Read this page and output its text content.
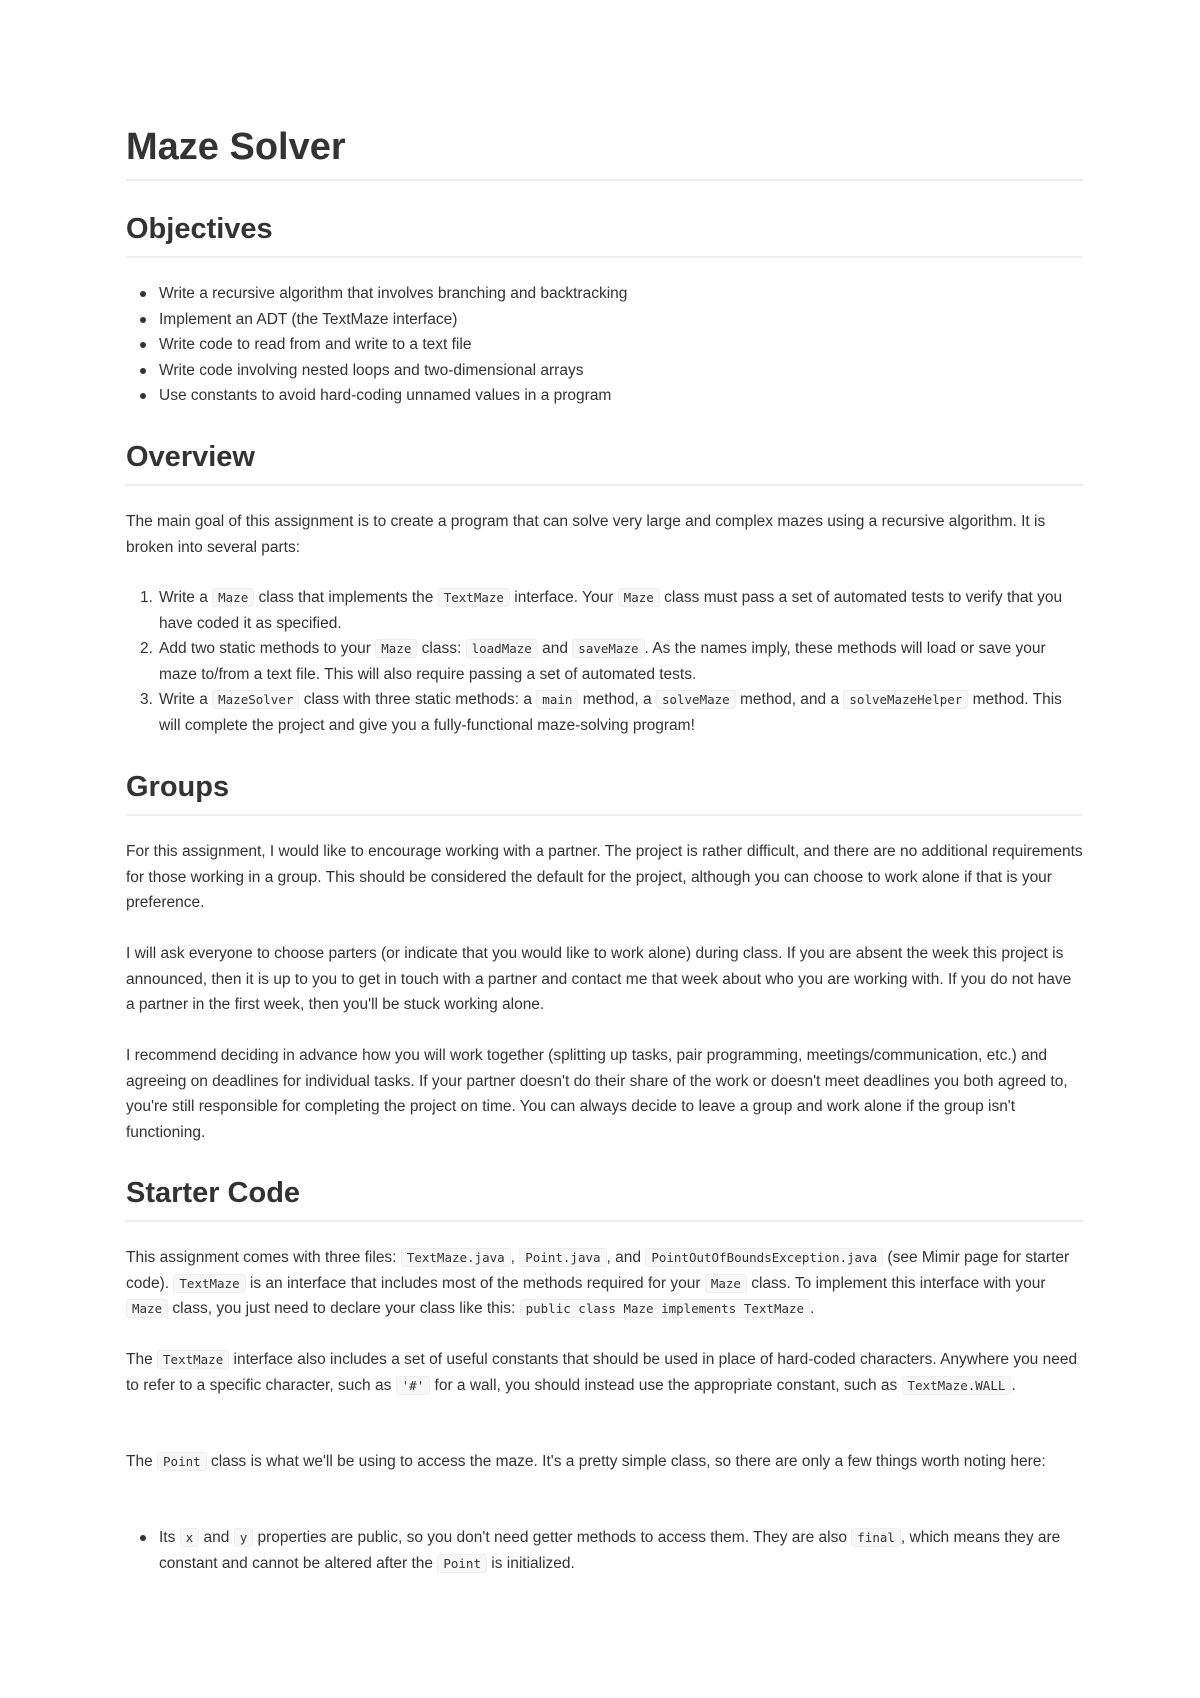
Maze Solver
Objectives
Write a recursive algorithm that involves branching and backtracking
Implement an ADT (the TextMaze interface)
Write code to read from and write to a text file
Write code involving nested loops and two-dimensional arrays
Use constants to avoid hard-coding unnamed values in a program
Overview

The main goal of this assignment is to create a program that can solve very large and complex mazes using a recursive algorithm. It is broken into several parts:

Write a Maze class that implements the TextMaze interface. Your Maze class must pass a set of automated tests to verify that you have coded it as specified.
Add two static methods to your Maze class: loadMaze and saveMaze . As the names imply, these methods will load or save your maze to/from a text file. This will also require passing a set of automated tests.
Write a MazeSolver class with three static methods: a main method, a solveMaze method, and a solveMazeHelper method. This will complete the project and give you a fully-functional maze-solving program!
Groups

For this assignment, I would like to encourage working with a partner. The project is rather difficult, and there are no additional requirements for those working in a group. This should be considered the default for the project, although you can choose to work alone if that is your preference.

I will ask everyone to choose parters (or indicate that you would like to work alone) during class. If you are absent the week this project is announced, then it is up to you to get in touch with a partner and contact me that week about who you are working with. If you do not have a partner in the first week, then you'll be stuck working alone.

I recommend deciding in advance how you will work together (splitting up tasks, pair programming, meetings/communication, etc.) and agreeing on deadlines for individual tasks. If your partner doesn't do their share of the work or doesn't meet deadlines you both agreed to, you're still responsible for completing the project on time. You can always decide to leave a group and work alone if the group isn't functioning.

Starter Code

This assignment comes with three files: TextMaze.java , Point.java , and PointOutOfBoundsException.java (see Mimir page for starter code). TextMaze is an interface that includes most of the methods required for your Maze class. To implement this interface with your Maze class, you just need to declare your class like this: public class Maze implements TextMaze .

The TextMaze interface also includes a set of useful constants that should be used in place of hard-coded characters. Anywhere you need to refer to a specific character, such as '#' for a wall, you should instead use the appropriate constant, such as TextMaze.WALL .

The Point class is what we'll be using to access the maze. It's a pretty simple class, so there are only a few things worth noting here:

Its x and y properties are public, so you don't need getter methods to access them. They are also final , which means they are constant and cannot be altered after the Point is initialized.
